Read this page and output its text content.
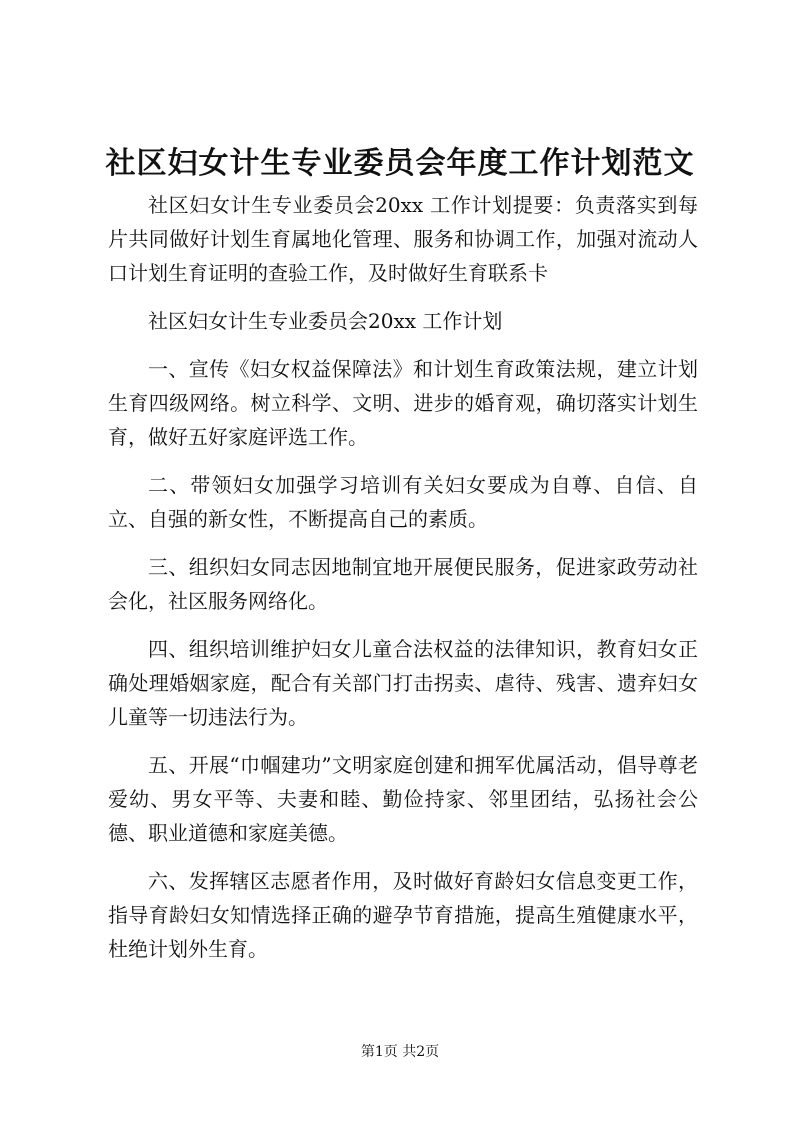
社区妇女计生专业委员会年度工作计划范文

社区妇女计生专业委员会20xx 工作计划提要：负责落实到每片共同做好计划生育属地化管理、服务和协调工作，加强对流动人口计划生育证明的查验工作，及时做好生育联系卡

社区妇女计生专业委员会20xx 工作计划

一、宣传《妇女权益保障法》和计划生育政策法规，建立计划生育四级网络。树立科学、文明、进步的婚育观，确切落实计划生育，做好五好家庭评选工作。

二、带领妇女加强学习培训有关妇女要成为自尊、自信、自立、自强的新女性，不断提高自己的素质。

三、组织妇女同志因地制宜地开展便民服务，促进家政劳动社会化，社区服务网络化。

四、组织培训维护妇女儿童合法权益的法律知识，教育妇女正确处理婚姻家庭，配合有关部门打击拐卖、虐待、残害、遗弃妇女儿童等一切违法行为。

五、开展“巾帼建功”文明家庭创建和拥军优属活动，倡导尊老爱幼、男女平等、夫妻和睦、勤俭持家、邻里团结，弘扬社会公德、职业道德和家庭美德。

六、发挥辖区志愿者作用，及时做好育龄妇女信息变更工作，指导育龄妇女知情选择正确的避孕节育措施，提高生殖健康水平，杜绝计划外生育。

第1页 共2页
